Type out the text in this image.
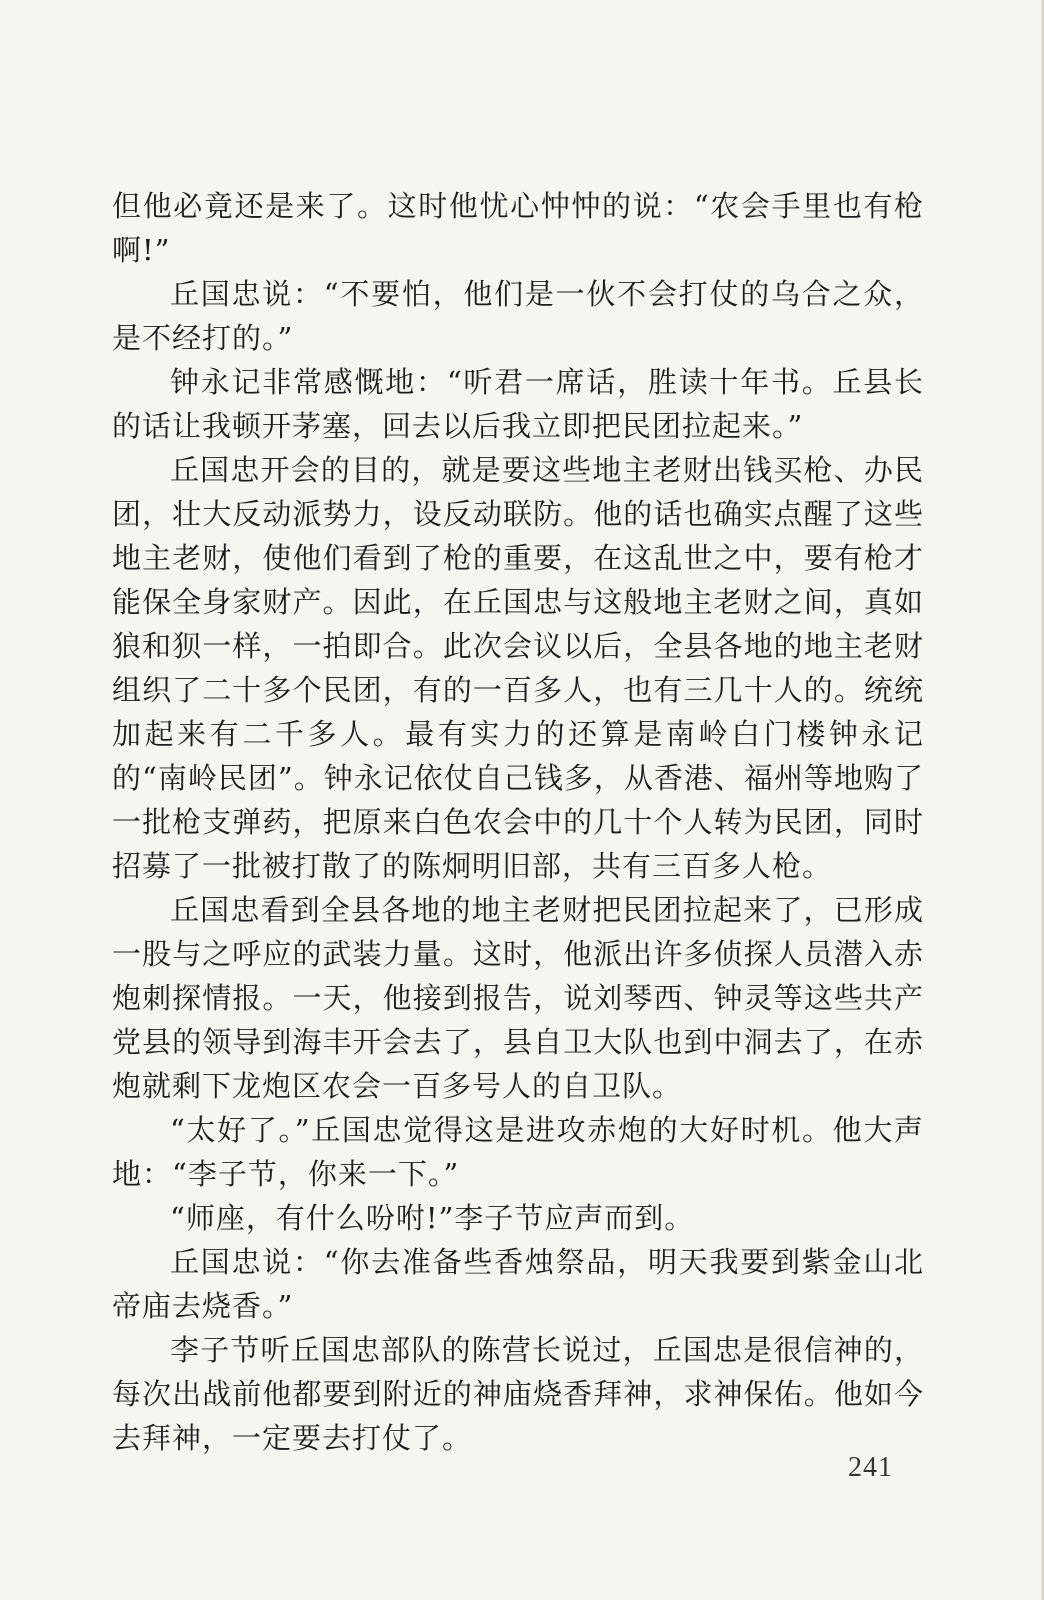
但他必竟还是来了。这时他忧心忡忡的说：“农会手里也有枪啊!”

丘国忠说：“不要怕，他们是一伙不会打仗的乌合之众，是不经打的。”

钟永记非常感慨地：“听君一席话，胜读十年书。丘县长的话让我顿开茅塞，回去以后我立即把民团拉起来。”

丘国忠开会的目的，就是要这些地主老财出钱买枪、办民团，壮大反动派势力，设反动联防。他的话也确实点醒了这些地主老财，使他们看到了枪的重要，在这乱世之中，要有枪才能保全身家财产。因此，在丘国忠与这般地主老财之间，真如狼和狈一样，一拍即合。此次会议以后，全县各地的地主老财组织了二十多个民团，有的一百多人，也有三几十人的。统统加起来有二千多人。最有实力的还算是南岭白门楼钟永记的“南岭民团”。钟永记依仗自己钱多，从香港、福州等地购了一批枪支弹药，把原来白色农会中的几十个人转为民团，同时招募了一批被打散了的陈炯明旧部，共有三百多人枪。

丘国忠看到全县各地的地主老财把民团拉起来了，已形成一股与之呼应的武装力量。这时，他派出许多侦探人员潜入赤炮刺探情报。一天，他接到报告，说刘琴西、钟灵等这些共产党县的领导到海丰开会去了，县自卫大队也到中洞去了，在赤炮就剩下龙炮区农会一百多号人的自卫队。

“太好了。”丘国忠觉得这是进攻赤炮的大好时机。他大声地：“李子节，你来一下。”

“师座，有什么吩咐!”李子节应声而到。

丘国忠说：“你去准备些香烛祭品，明天我要到紫金山北帝庙去烧香。”

李子节听丘国忠部队的陈营长说过，丘国忠是很信神的，每次出战前他都要到附近的神庙烧香拜神，求神保佑。他如今去拜神，一定要去打仗了。

241
